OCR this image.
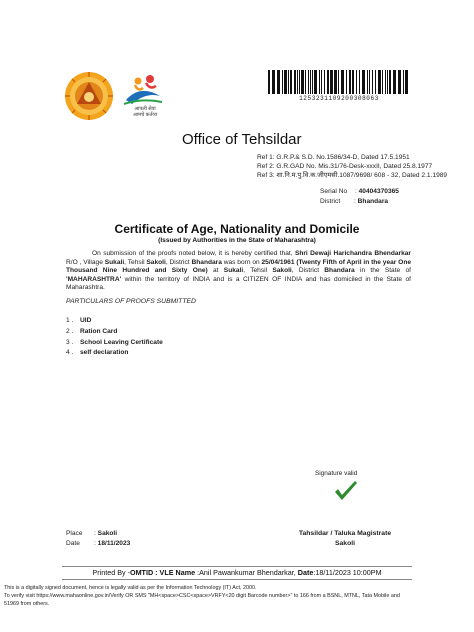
आपली सेवा
आमचे कर्तव्य
1253231109200308063
Office of Tehsildar
Ref 1: G.R.P.& S.D. No.1586/34-D, Dated 17.5.1951
Ref 2: G.R.GAD No. Mis.31/76-Desk-xxxII, Dated 25.8.1977
Ref 3: शा.नि.म.पु.वि.क.जीएमसी.1087/9698/ 608 - 32, Dated 2.1.1989
Serial No : 40404370365
District : Bhandara
Certificate of Age, Nationality and Domicile
(Issued by Authorities in the State of Maharashtra)
On submission of the proofs noted below, it is hereby certified that, Shri Dewaji Harichandra Bhendarkar R/O , Village Sukali, Tehsil Sakoli, District Bhandara was born on 25/04/1961 (Twenty Fifth of April in the year One Thousand Nine Hundred and Sixty One) at Sukali, Tehsil Sakoli, District Bhandara in the State of 'MAHARASHTRA' within the territory of INDIA and is a CITIZEN OF INDIA and has domiciled in the State of Maharashtra.
PARTICULARS OF PROOFS SUBMITTED
1 . UID
2 . Ration Card
3 . School Leaving Certificate
4 . self declaration
Signature valid
Place : Sakoli
Date : 18/11/2023
Tahsildar / Taluka Magistrate
Sakoli
Printed By -OMTID : VLE Name :Anil Pawankumar Bhendarkar, Date:18/11/2023 10:00PM
This is a digitally signed document, hence is legally valid as per the Information Technology (IT) Act, 2000.
To verify visit https://www.mahaonline.gov.in/Verify OR SMS "MH<space>CSC<space>VRFY<20 digit Barcode number>" to 166 from a BSNL, MTNL, Tata Mobile and
51969 from others.
